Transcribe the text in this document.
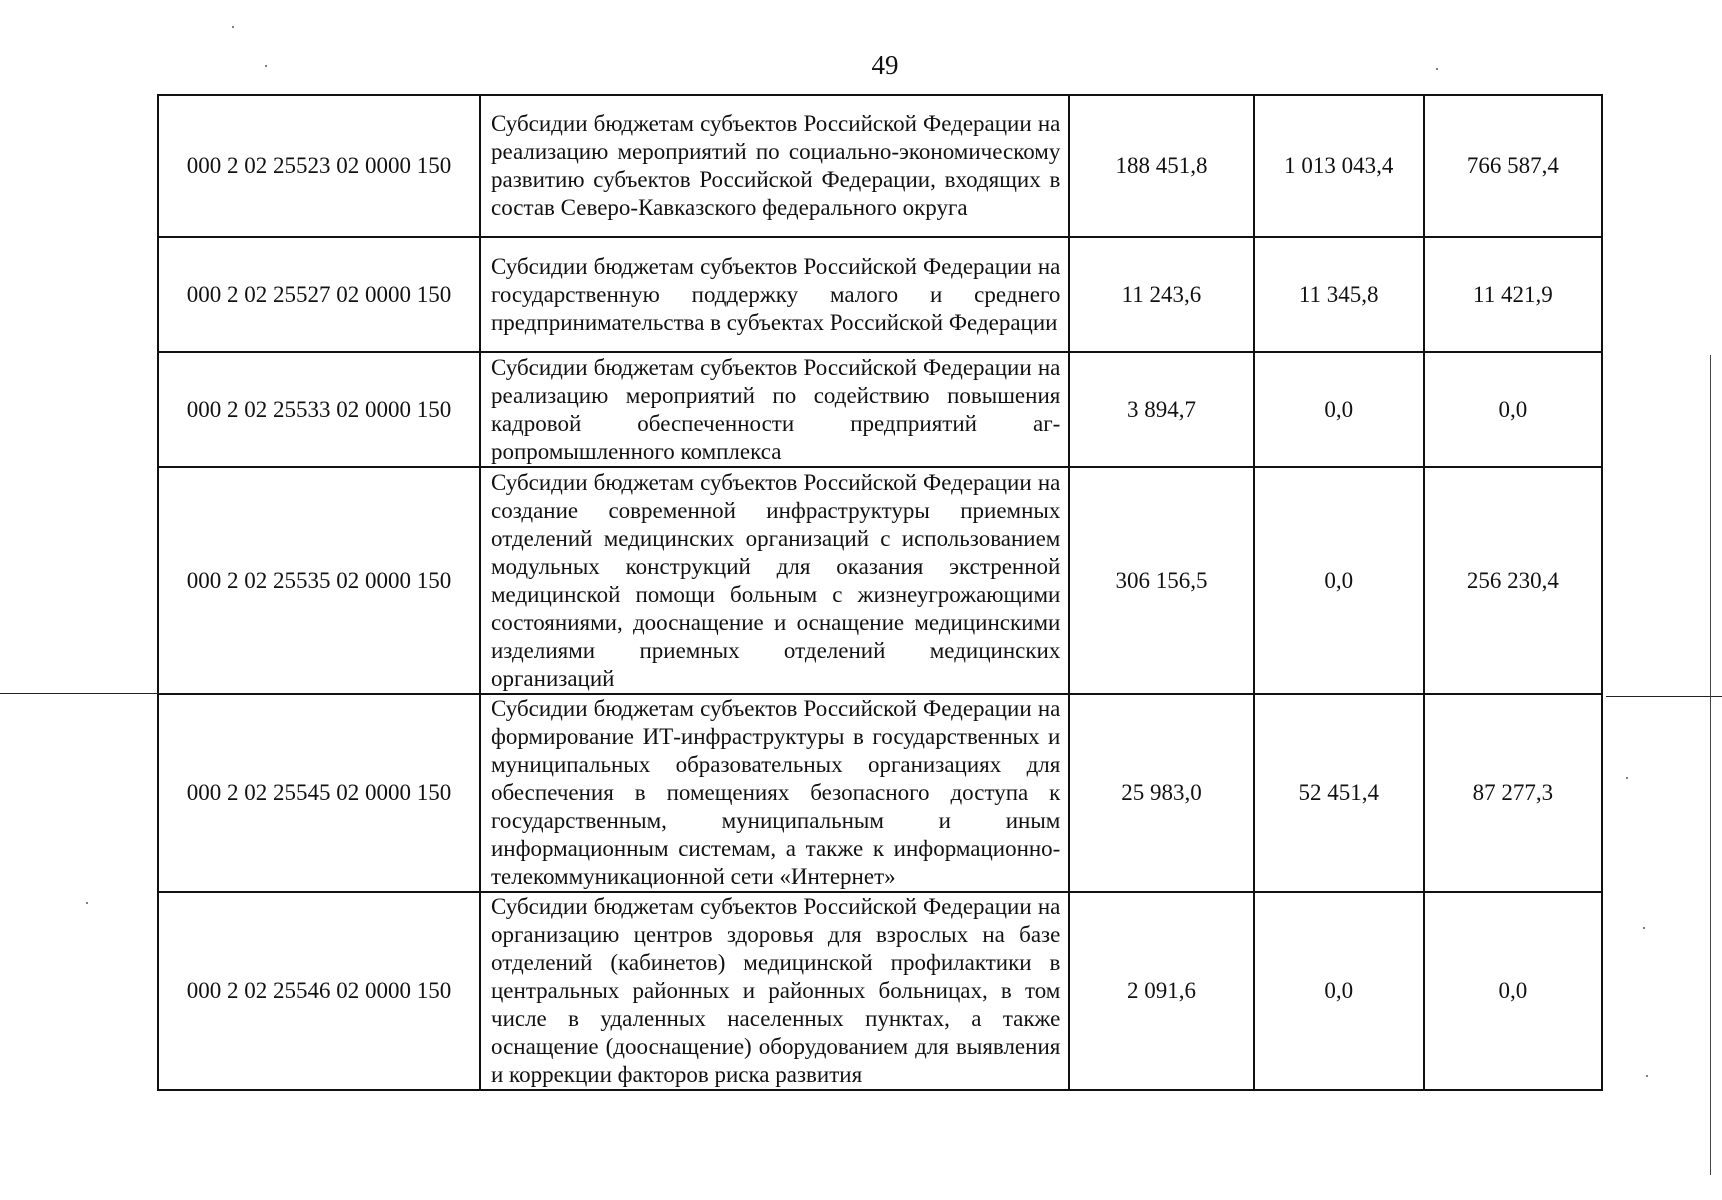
49
000 2 02 25523 02 0000 150	Субсидии бюджетам субъектов Российской Федерации на реализацию мероприятий по социально-экономическому развитию субъектов Российской Федерации, входящих в состав Северо-Кавказского федерального округа	188 451,8	1 013 043,4	766 587,4
000 2 02 25527 02 0000 150	Субсидии бюджетам субъектов Российской Федерации на государственную поддержку малого и среднего предпринимательства в субъектах Российской Федерации	11 243,6	11 345,8	11 421,9
000 2 02 25533 02 0000 150	Субсидии бюджетам субъектов Российской Федерации на реализацию мероприятий по содействию повышения кадровой обеспеченности предприятий агропромышленного комплекса	3 894,7	0,0	0,0
000 2 02 25535 02 0000 150	Субсидии бюджетам субъектов Российской Федерации на создание современной инфраструктуры приемных отделений медицинских организаций с использованием модульных конструкций для оказания экстренной медицинской помощи больным с жизнеугрожающими состояниями, дооснащение и оснащение медицинскими изделиями приемных отделений медицинских организаций	306 156,5	0,0	256 230,4
000 2 02 25545 02 0000 150	Субсидии бюджетам субъектов Российской Федерации на формирование ИТ-инфраструктуры в государственных и муниципальных образовательных организациях для обеспечения в помещениях безопасного доступа к государственным, муниципальным и иным информационным системам, а также к информационно-телекоммуникационной сети «Интернет»	25 983,0	52 451,4	87 277,3
000 2 02 25546 02 0000 150	Субсидии бюджетам субъектов Российской Федерации на организацию центров здоровья для взрослых на базе отделений (кабинетов) медицинской профилактики в центральных районных и районных больницах, в том числе в удаленных населенных пунктах, а также оснащение (дооснащение) оборудованием для выявления и коррекции факторов риска развития	2 091,6	0,0	0,0
